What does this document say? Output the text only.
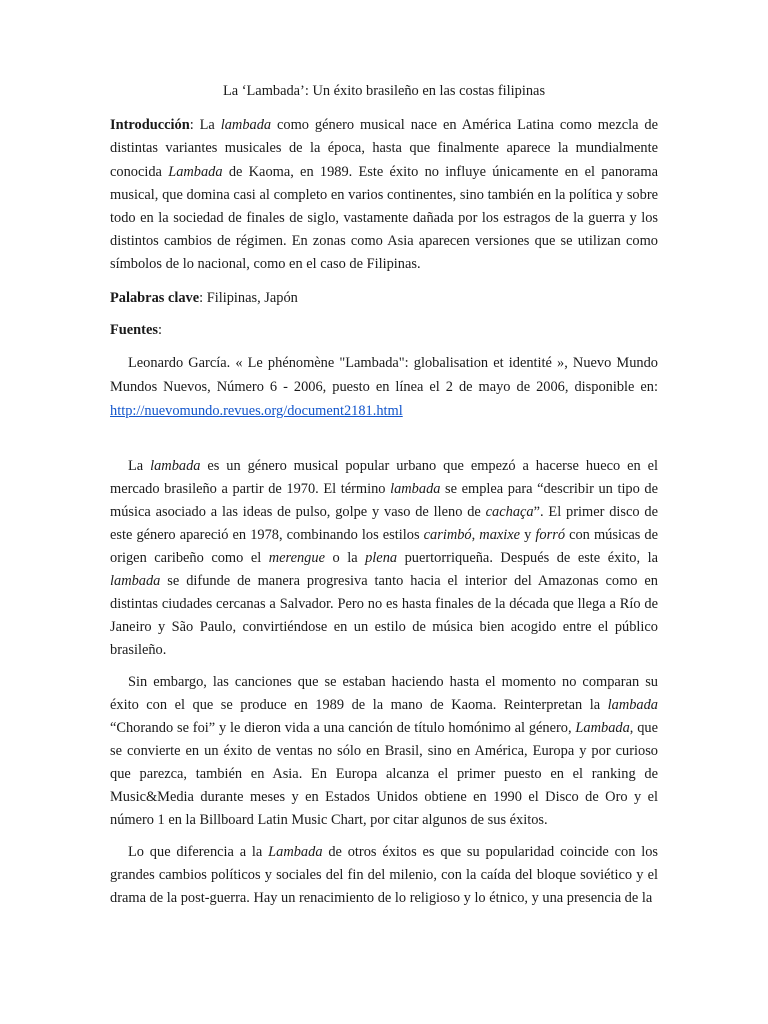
La ‘Lambada’: Un éxito brasileño en las costas filipinas

Introducción: La lambada como género musical nace en América Latina como mezcla de distintas variantes musicales de la época, hasta que finalmente aparece la mundialmente conocida Lambada de Kaoma, en 1989. Este éxito no influye únicamente en el panorama musical, que domina casi al completo en varios continentes, sino también en la política y sobre todo en la sociedad de finales de siglo, vastamente dañada por los estragos de la guerra y los distintos cambios de régimen. En zonas como Asia aparecen versiones que se utilizan como símbolos de lo nacional, como en el caso de Filipinas.

Palabras clave: Filipinas, Japón

Fuentes:

Leonardo García. « Le phénomène "Lambada": globalisation et identité », Nuevo Mundo Mundos Nuevos, Número 6 - 2006, puesto en línea el 2 de mayo de 2006, disponible en: http://nuevomundo.revues.org/document2181.html

La lambada es un género musical popular urbano que empezó a hacerse hueco en el mercado brasileño a partir de 1970. El término lambada se emplea para “describir un tipo de música asociado a las ideas de pulso, golpe y vaso de lleno de cachaça”. El primer disco de este género apareció en 1978, combinando los estilos carimbó, maxixe y forró con músicas de origen caribeño como el merengue o la plena puertorriqueña. Después de este éxito, la lambada se difunde de manera progresiva tanto hacia el interior del Amazonas como en distintas ciudades cercanas a Salvador. Pero no es hasta finales de la década que llega a Río de Janeiro y São Paulo, convirtiéndose en un estilo de música bien acogido entre el público brasileño.

Sin embargo, las canciones que se estaban haciendo hasta el momento no comparan su éxito con el que se produce en 1989 de la mano de Kaoma. Reinterpretan la lambada “Chorando se foi” y le dieron vida a una canción de título homónimo al género, Lambada, que se convierte en un éxito de ventas no sólo en Brasil, sino en América, Europa y por curioso que parezca, también en Asia. En Europa alcanza el primer puesto en el ranking de Music&Media durante meses y en Estados Unidos obtiene en 1990 el Disco de Oro y el número 1 en la Billboard Latin Music Chart, por citar algunos de sus éxitos.

Lo que diferencia a la Lambada de otros éxitos es que su popularidad coincide con los grandes cambios políticos y sociales del fin del milenio, con la caída del bloque soviético y el drama de la post-guerra. Hay un renacimiento de lo religioso y lo étnico, y una presencia de la
